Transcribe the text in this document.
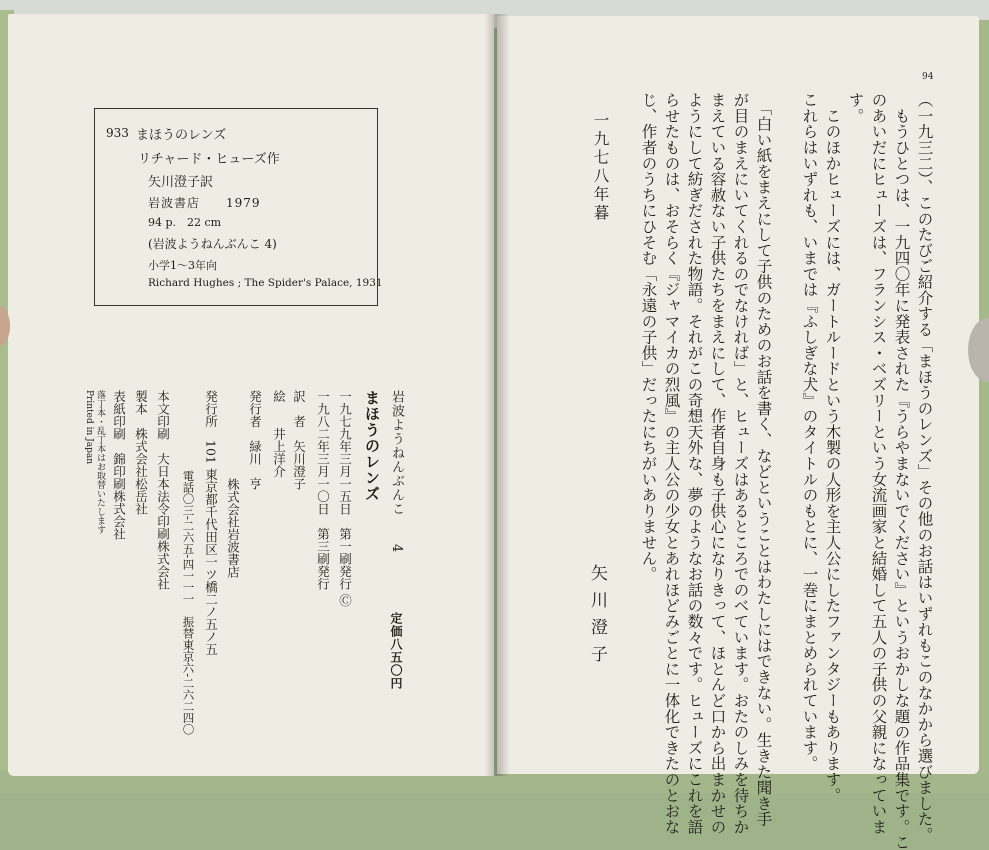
933 まほうのレンズ
リチャード・ヒューズ作
矢川澄子訳
岩波書店　　1979
94 p.　22 cm
(岩波ようねんぶんこ 4)
小学1〜3年向
Richard Hughes ; The Spider's Palace, 1931
岩波ようねんぶんこ　　4
まほうのレンズ
定価八五〇円
一九七九年三月一五日　第一刷発行 Ⓒ
一九八二年三月一〇日　第三刷発行
訳　者　矢川澄子
絵　　井上洋介
発行者　緑川　亨
株式会社岩波書店
発行所　101 東京都千代田区一ツ橋二ノ五ノ五
電話〇三-二六五-四一一一　振替東京六-二六二四〇
本文印刷　大日本法令印刷株式会社
製本　株式会社松岳社
表紙印刷　錦印刷株式会社
落丁本・乱丁本はお取替いたします
Printed in Japan
94
（一九三二）、このたびご紹介する「まほうのレンズ」その他のお話はいずれもこのなかから選びました。
　もうひとつは、一九四〇年に発表された『うらやまないでください』というおかしな題の作品集です。こ
のあいだにヒューズは、フランシス・ベズリーという女流画家と結婚して五人の子供の父親になっていま
す。
　このほかヒューズには、ガートルードという木製の人形を主人公にしたファンタジーもあります。
これらはいずれも、いまでは『ふしぎな犬』のタイトルのもとに、一巻にまとめられています。
　「白い紙をまえにして子供のためのお話を書く、などということはわたしにはできない。生きた聞き手
が目のまえにいてくれるのでなければ」と、ヒューズはあるところでのべています。おたのしみを待ちか
まえている容赦ない子供たちをまえにして、作者自身も子供心になりきって、ほとんど口から出まかせの
ようにして紡ぎだされた物語。それがこの奇想天外な、夢のようなお話の数々です。ヒューズにこれを語
らせたものは、おそらく『ジャマイカの烈風』の主人公の少女とあれほどみごとに一体化できたのとおな
じ、作者のうちにひそむ「永遠の子供」だったにちがいありません。
一九七八年暮
矢川澄子
